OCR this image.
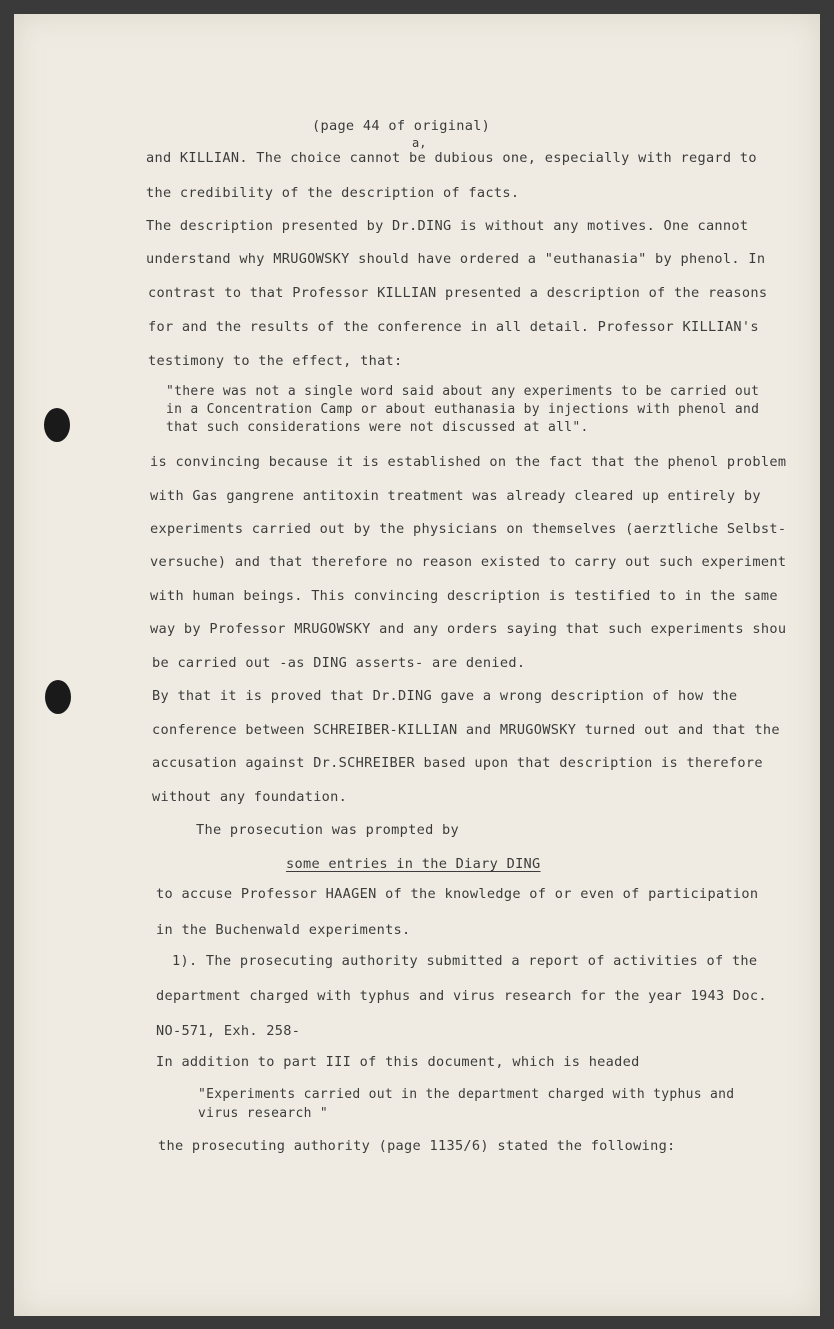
(page 44 of original)
a,
and KILLIAN. The choice cannot be dubious one, especially with regard to
the credibility of the description of facts.
The description presented by Dr.DING is without any motives. One cannot
understand why MRUGOWSKY should have ordered a "euthanasia" by phenol. In
contrast to that Professor KILLIAN presented a description of the reasons
for and the results of the conference in all detail. Professor KILLIAN's
testimony to the effect, that:
"there was not a single word said about any experiments to be carried out
in a Concentration Camp or about euthanasia by injections with phenol and
that such considerations were not discussed at all".
is convincing because it is established on the fact that the phenol problem
with Gas gangrene antitoxin treatment was already cleared up entirely by
experiments carried out by the physicians on themselves (aerztliche Selbst-
versuche) and that therefore no reason existed to carry out such experiment
with human beings. This convincing description is testified to in the same
way by Professor MRUGOWSKY and any orders saying that such experiments shou
be carried out -as DING asserts- are denied.
By that it is proved that Dr.DING gave a wrong description of how the
conference between SCHREIBER-KILLIAN and MRUGOWSKY turned out and that the
accusation against Dr.SCHREIBER based upon that description is therefore
without any foundation.
The prosecution was prompted by
some entries in the Diary DING
to accuse Professor HAAGEN of the knowledge of or even of participation
in the Buchenwald experiments.
1). The prosecuting authority submitted a report of activities of the
department charged with typhus and virus research for the year 1943 Doc.
NO-571, Exh. 258-
In addition to part III of this document, which is headed
"Experiments carried out in the department charged with typhus and
virus research "
the prosecuting authority (page 1135/6) stated the following:
